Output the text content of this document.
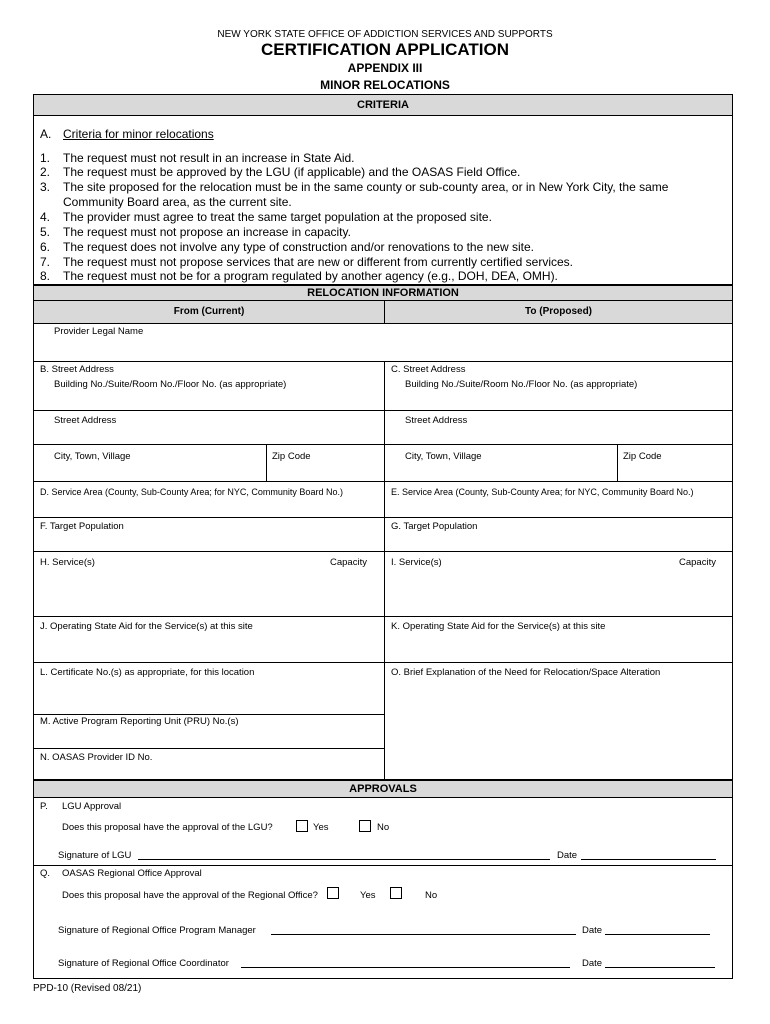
NEW YORK STATE OFFICE OF ADDICTION SERVICES AND SUPPORTS
CERTIFICATION APPLICATION
APPENDIX III
MINOR RELOCATIONS
CRITERIA
A. Criteria for minor relocations
1. The request must not result in an increase in State Aid.
2. The request must be approved by the LGU (if applicable) and the OASAS Field Office.
3. The site proposed for the relocation must be in the same county or sub-county area, or in New York City, the same
Community Board area, as the current site.
4. The provider must agree to treat the same target population at the proposed site.
5. The request must not propose an increase in capacity.
6. The request does not involve any type of construction and/or renovations to the new site.
7. The request must not propose services that are new or different from currently certified services.
8. The request must not be for a program regulated by another agency (e.g., DOH, DEA, OMH).
RELOCATION INFORMATION
From (Current)	To (Proposed)
Provider Legal Name
B. Street Address
Building No./Suite/Room No./Floor No. (as appropriate)
C. Street Address
Building No./Suite/Room No./Floor No. (as appropriate)
Street Address	Street Address
City, Town, Village	Zip Code	City, Town, Village	Zip Code
D. Service Area (County, Sub-County Area; for NYC, Community Board No.)	E. Service Area (County, Sub-County Area; for NYC, Community Board No.)
F. Target Population	G. Target Population
H. Service(s)	Capacity	I. Service(s)	Capacity
J. Operating State Aid for the Service(s) at this site	K. Operating State Aid for the Service(s) at this site
L. Certificate No.(s) as appropriate, for this location	O. Brief Explanation of the Need for Relocation/Space Alteration
M. Active Program Reporting Unit (PRU) No.(s)
N. OASAS Provider ID No.
APPROVALS
P. LGU Approval
Does this proposal have the approval of the LGU?	Yes	No
Signature of LGU	Date
Q. OASAS Regional Office Approval
Does this proposal have the approval of the Regional Office?	Yes	No
Signature of Regional Office Program Manager	Date
Signature of Regional Office Coordinator	Date
PPD-10 (Revised 08/21)
